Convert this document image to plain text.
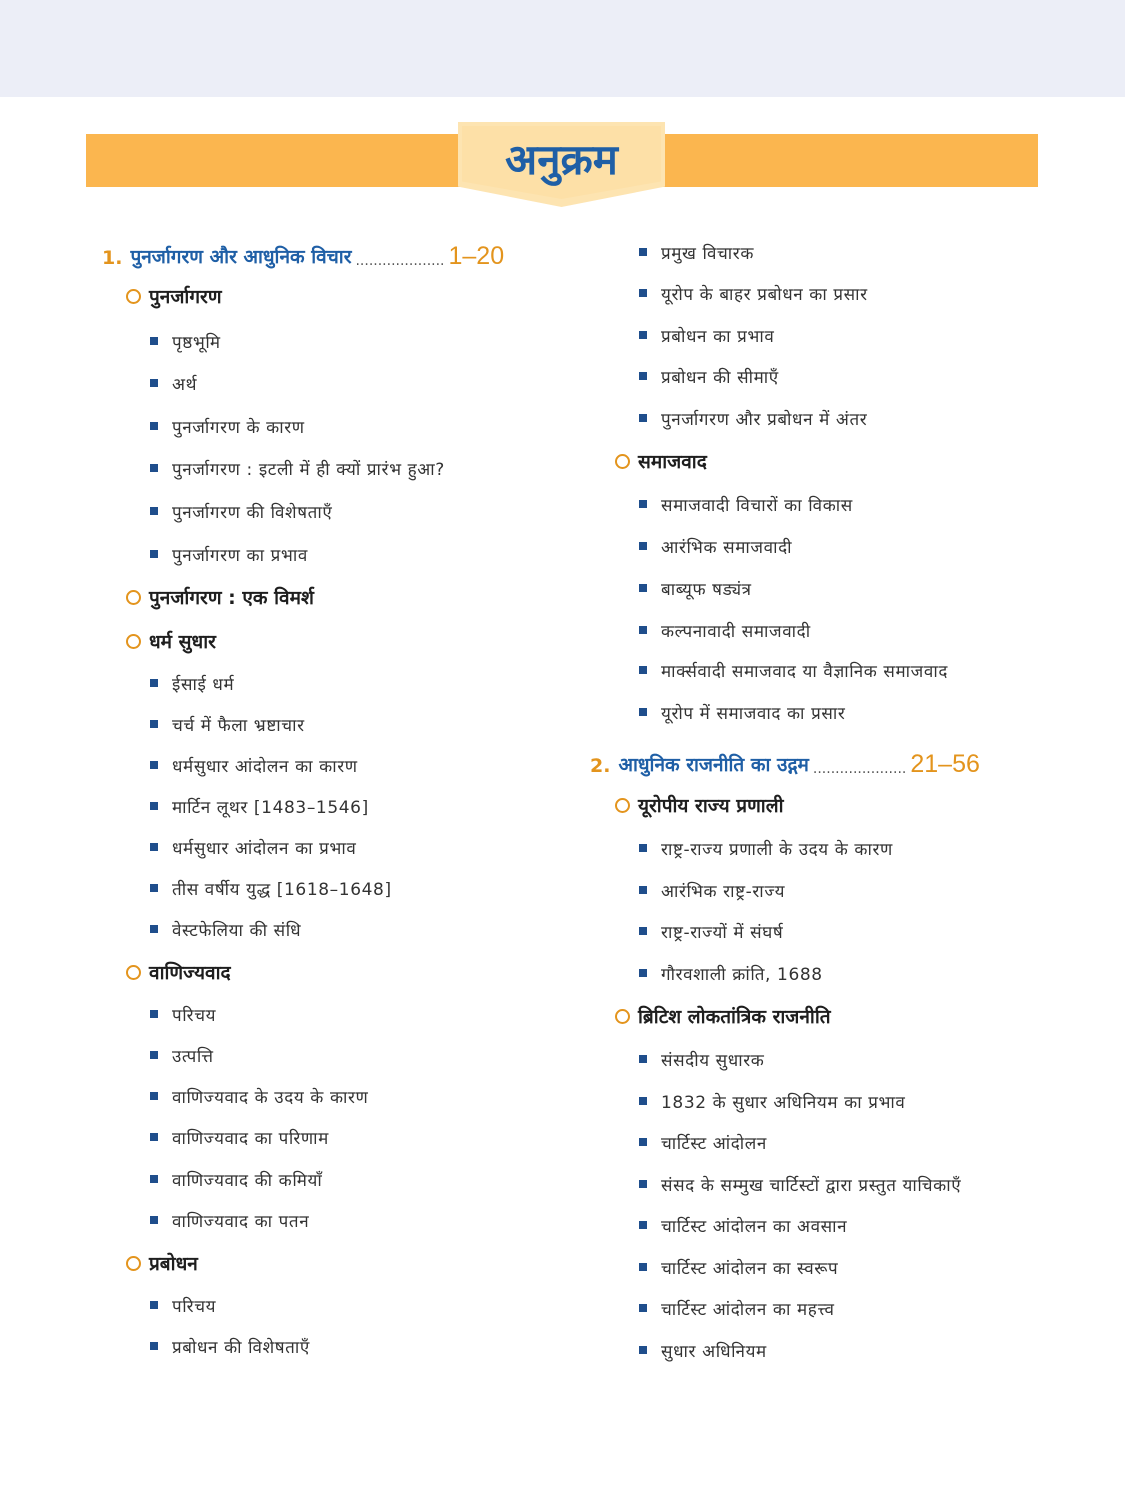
अनुक्रम
1. पुनर्जागरण और आधुनिक विचार .................... 1–20
पुनर्जागरण
पृष्ठभूमि
अर्थ
पुनर्जागरण के कारण
पुनर्जागरण : इटली में ही क्यों प्रारंभ हुआ?
पुनर्जागरण की विशेषताएँ
पुनर्जागरण का प्रभाव
पुनर्जागरण : एक विमर्श
धर्म सुधार
ईसाई धर्म
चर्च में फैला भ्रष्टाचार
धर्मसुधार आंदोलन का कारण
मार्टिन लूथर [1483–1546]
धर्मसुधार आंदोलन का प्रभाव
तीस वर्षीय युद्ध [1618–1648]
वेस्टफेलिया की संधि
वाणिज्यवाद
परिचय
उत्पत्ति
वाणिज्यवाद के उदय के कारण
वाणिज्यवाद का परिणाम
वाणिज्यवाद की कमियाँ
वाणिज्यवाद का पतन
प्रबोधन
परिचय
प्रबोधन की विशेषताएँ
प्रमुख विचारक
यूरोप के बाहर प्रबोधन का प्रसार
प्रबोधन का प्रभाव
प्रबोधन की सीमाएँ
पुनर्जागरण और प्रबोधन में अंतर
समाजवाद
समाजवादी विचारों का विकास
आरंभिक समाजवादी
बाब्यूफ षड्यंत्र
कल्पनावादी समाजवादी
मार्क्सवादी समाजवाद या वैज्ञानिक समाजवाद
यूरोप में समाजवाद का प्रसार
2. आधुनिक राजनीति का उद्गम ..................... 21–56
यूरोपीय राज्य प्रणाली
राष्ट्र-राज्य प्रणाली के उदय के कारण
आरंभिक राष्ट्र-राज्य
राष्ट्र-राज्यों में संघर्ष
गौरवशाली क्रांति, 1688
ब्रिटिश लोकतांत्रिक राजनीति
संसदीय सुधारक
1832 के सुधार अधिनियम का प्रभाव
चार्टिस्ट आंदोलन
संसद के सम्मुख चार्टिस्टों द्वारा प्रस्तुत याचिकाएँ
चार्टिस्ट आंदोलन का अवसान
चार्टिस्ट आंदोलन का स्वरूप
चार्टिस्ट आंदोलन का महत्त्व
सुधार अधिनियम
